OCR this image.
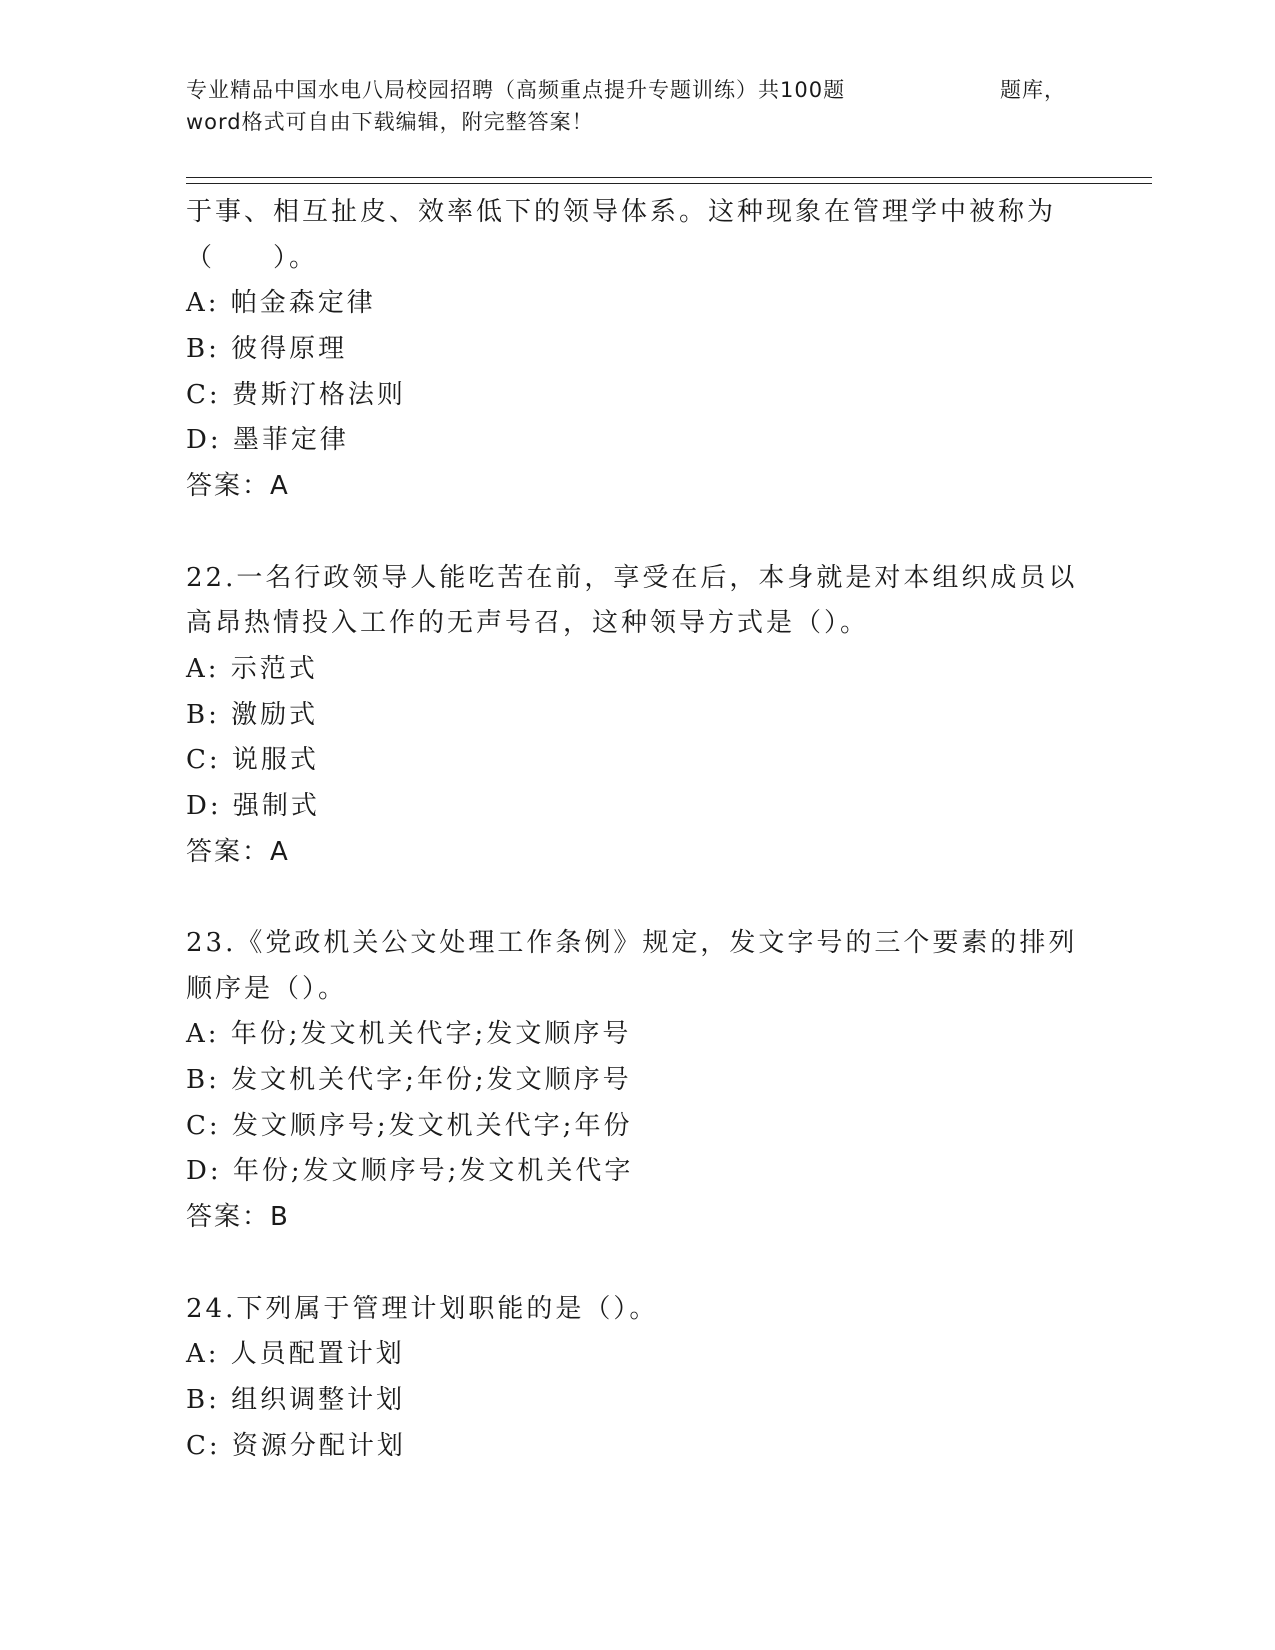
专业精品中国水电八局校园招聘（高频重点提升专题训练）共100题	题库，
word格式可自由下载编辑，附完整答案！
于事、相互扯皮、效率低下的领导体系。这种现象在管理学中被称为
（　　）。
A: 帕金森定律
B: 彼得原理
C: 费斯汀格法则
D: 墨菲定律
答案：A
22.一名行政领导人能吃苦在前，享受在后，本身就是对本组织成员以
高昂热情投入工作的无声号召，这种领导方式是（）。
A: 示范式
B: 激励式
C: 说服式
D: 强制式
答案：A
23.《党政机关公文处理工作条例》规定，发文字号的三个要素的排列
顺序是（）。
A: 年份;发文机关代字;发文顺序号
B: 发文机关代字;年份;发文顺序号
C: 发文顺序号;发文机关代字;年份
D: 年份;发文顺序号;发文机关代字
答案：B
24.下列属于管理计划职能的是（）。
A: 人员配置计划
B: 组织调整计划
C: 资源分配计划
